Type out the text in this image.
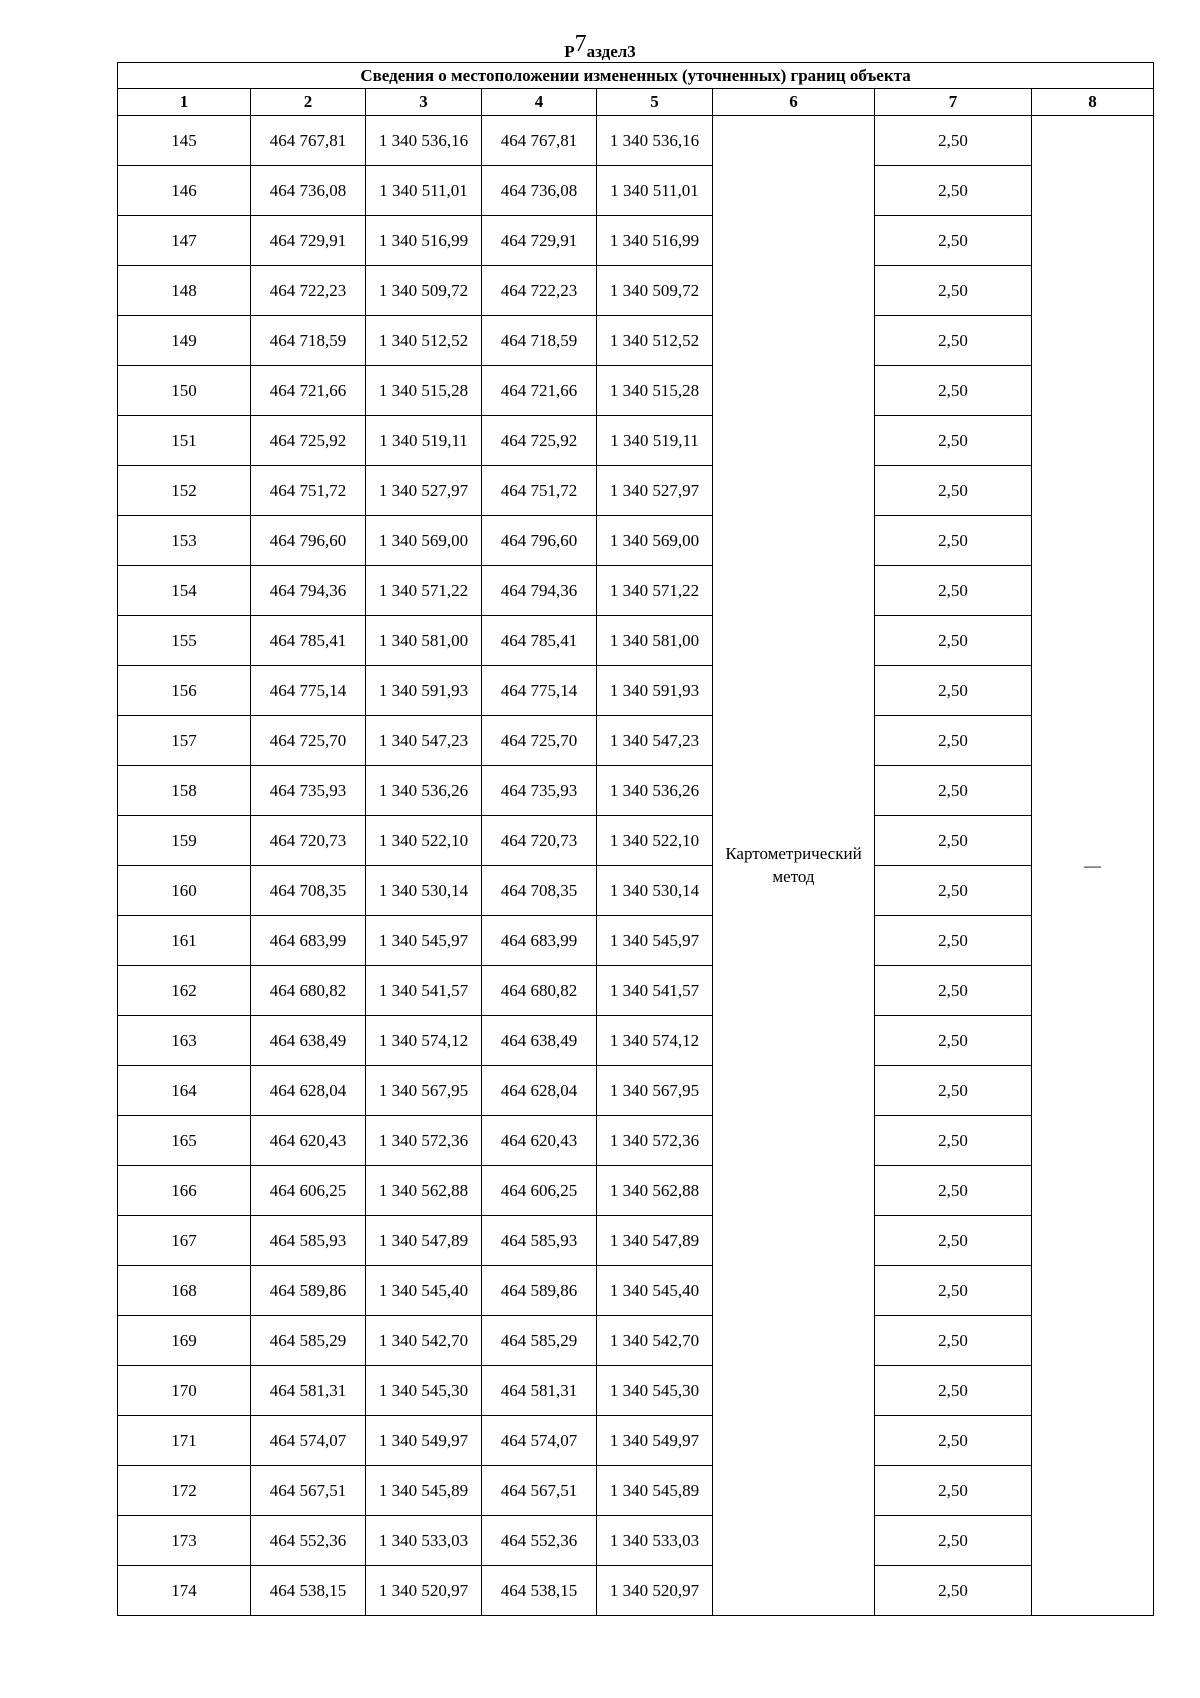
Р7аздел3
Сведения о местоположении измененных (уточненных) границ объекта							
1	2	3	4	5	6	7	8
145	464 767,81	1 340 536,16	464 767,81	1 340 536,16	Картометрический метод	2,50	—
146	464 736,08	1 340 511,01	464 736,08	1 340 511,01		2,50	
147	464 729,91	1 340 516,99	464 729,91	1 340 516,99		2,50	
148	464 722,23	1 340 509,72	464 722,23	1 340 509,72		2,50	
149	464 718,59	1 340 512,52	464 718,59	1 340 512,52		2,50	
150	464 721,66	1 340 515,28	464 721,66	1 340 515,28		2,50	
151	464 725,92	1 340 519,11	464 725,92	1 340 519,11		2,50	
152	464 751,72	1 340 527,97	464 751,72	1 340 527,97		2,50	
153	464 796,60	1 340 569,00	464 796,60	1 340 569,00		2,50	
154	464 794,36	1 340 571,22	464 794,36	1 340 571,22		2,50	
155	464 785,41	1 340 581,00	464 785,41	1 340 581,00		2,50	
156	464 775,14	1 340 591,93	464 775,14	1 340 591,93		2,50	
157	464 725,70	1 340 547,23	464 725,70	1 340 547,23		2,50	
158	464 735,93	1 340 536,26	464 735,93	1 340 536,26		2,50	
159	464 720,73	1 340 522,10	464 720,73	1 340 522,10		2,50	
160	464 708,35	1 340 530,14	464 708,35	1 340 530,14		2,50	
161	464 683,99	1 340 545,97	464 683,99	1 340 545,97		2,50	
162	464 680,82	1 340 541,57	464 680,82	1 340 541,57		2,50	
163	464 638,49	1 340 574,12	464 638,49	1 340 574,12		2,50	
164	464 628,04	1 340 567,95	464 628,04	1 340 567,95		2,50	
165	464 620,43	1 340 572,36	464 620,43	1 340 572,36		2,50	
166	464 606,25	1 340 562,88	464 606,25	1 340 562,88		2,50	
167	464 585,93	1 340 547,89	464 585,93	1 340 547,89		2,50	
168	464 589,86	1 340 545,40	464 589,86	1 340 545,40		2,50	
169	464 585,29	1 340 542,70	464 585,29	1 340 542,70		2,50	
170	464 581,31	1 340 545,30	464 581,31	1 340 545,30		2,50	
171	464 574,07	1 340 549,97	464 574,07	1 340 549,97		2,50	
172	464 567,51	1 340 545,89	464 567,51	1 340 545,89		2,50	
173	464 552,36	1 340 533,03	464 552,36	1 340 533,03		2,50	
174	464 538,15	1 340 520,97	464 538,15	1 340 520,97		2,50	
